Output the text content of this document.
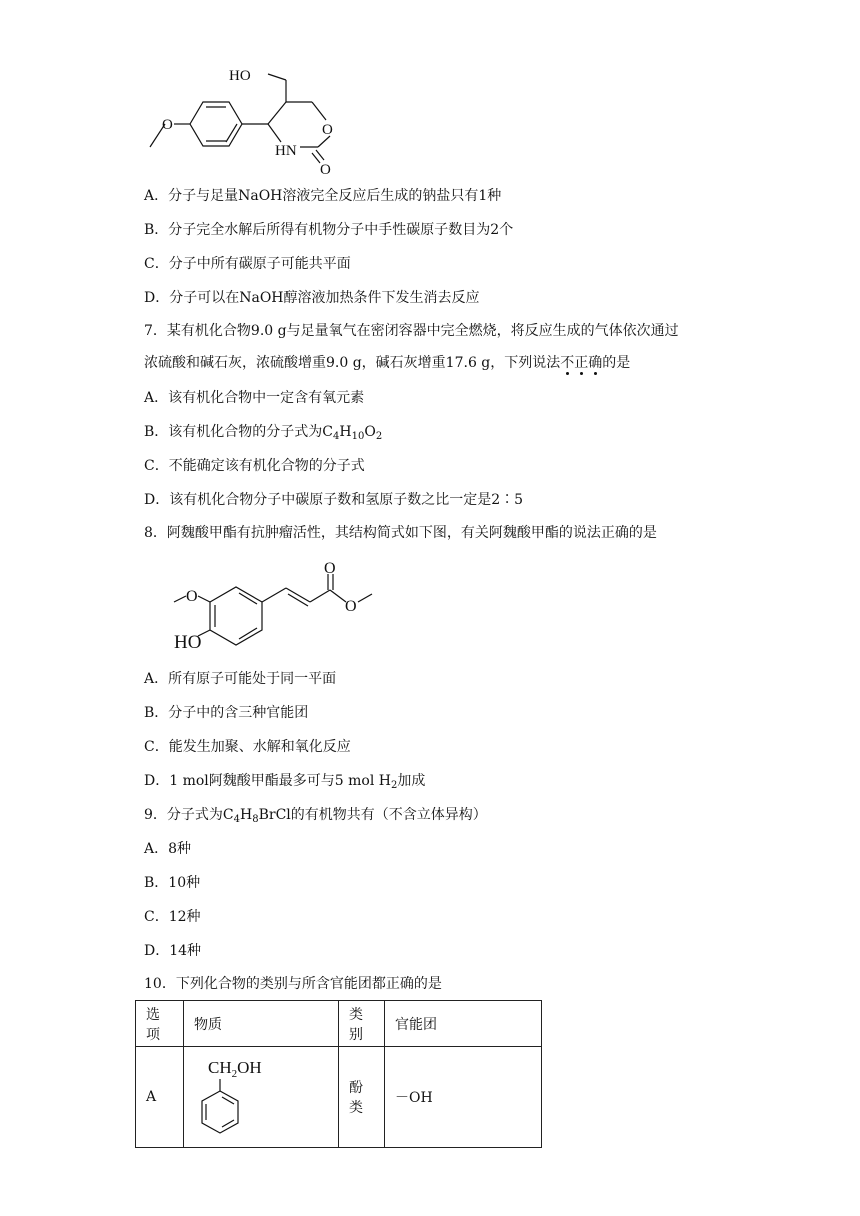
O
HO
HN
O
O
A．分子与足量NaOH溶液完全反应后生成的钠盐只有1种
B．分子完全水解后所得有机物分子中手性碳原子数目为2个
C．分子中所有碳原子可能共平面
D．分子可以在NaOH醇溶液加热条件下发生消去反应
7．某有机化合物9.0 g与足量氧气在密闭容器中完全燃烧，将反应生成的气体依次通过
浓硫酸和碱石灰，浓硫酸增重9.0 g，碱石灰增重17.6 g，下列说法不正确的是
A．该有机化合物中一定含有氧元素
B．该有机化合物的分子式为$C_4H_{10}O_2$
C．不能确定该有机化合物的分子式
D．该有机化合物分子中碳原子数和氢原子数之比一定是2∶5
8．阿魏酸甲酯有抗肿瘤活性，其结构简式如下图，有关阿魏酸甲酯的说法正确的是
O
O
O
HO
A．所有原子可能处于同一平面
B．分子中的含三种官能团
C．能发生加聚、水解和氧化反应
D．1 mol阿魏酸甲酯最多可与5 mol $H_2$加成
9．分子式为$C_4H_8BrCl$的有机物共有（不含立体异构）
A．8种
B．10种
C．12种
D．14种
10．下列化合物的类别与所含官能团都正确的是
选项	物质	类别	官能团
A	$CH_2OH$	酚类	－OH
